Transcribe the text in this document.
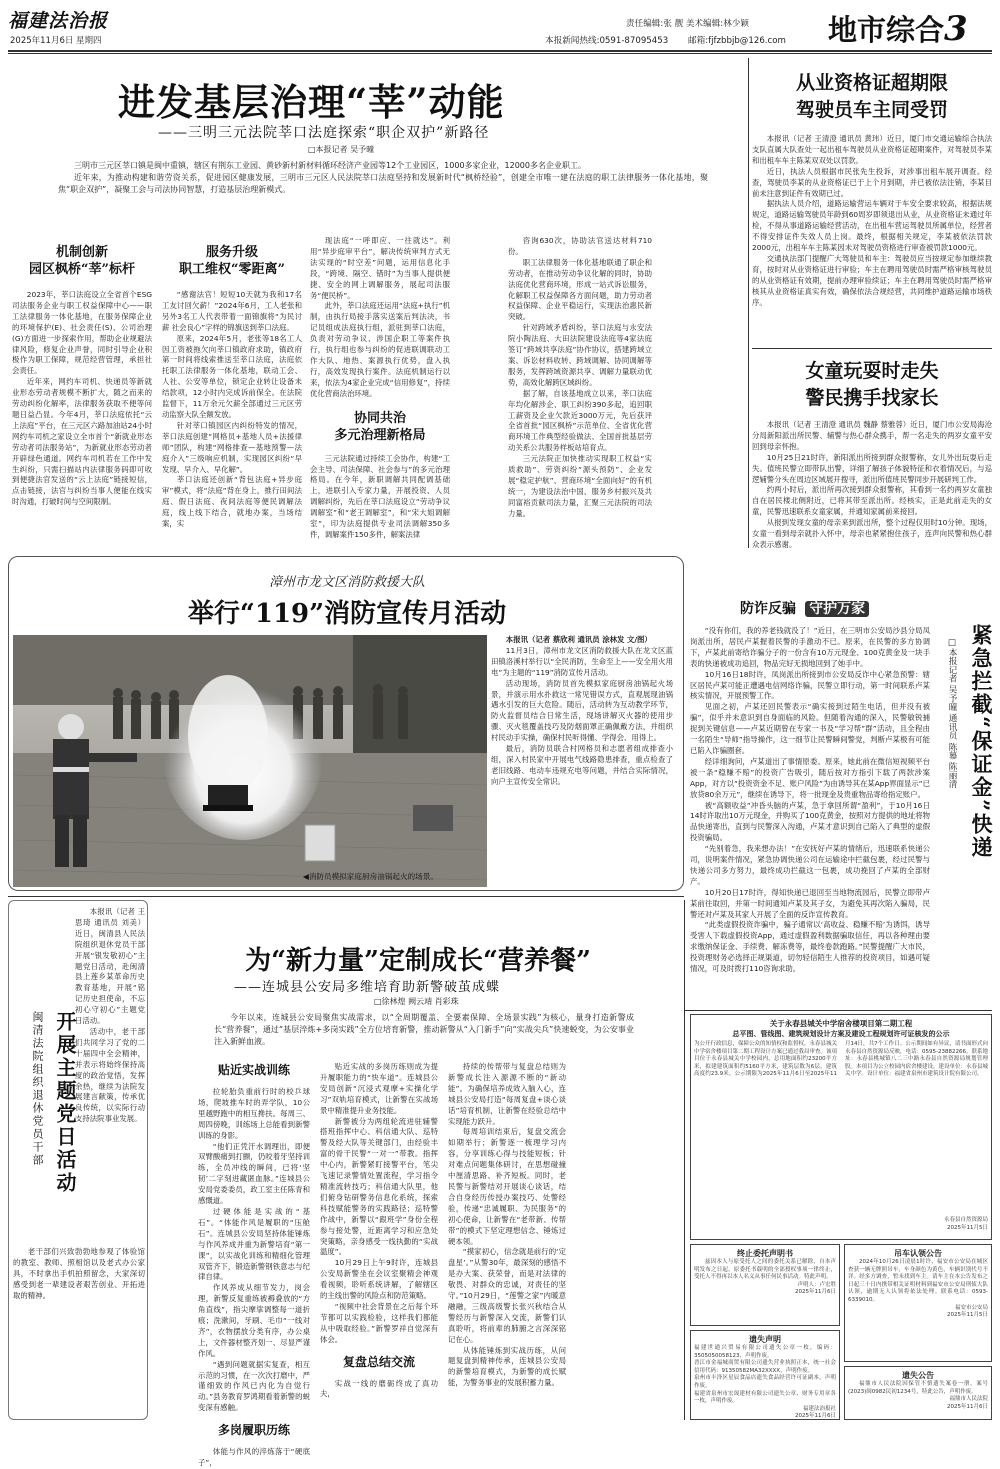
福建法治报
2025年11月6日 星期四
责任编辑:张 靓 美术编辑:林少颖
本报新闻热线:0591-87095453 邮箱:fjfzbbjb@126.com 地市综合3
进发基层治理“莘”动能
——三明三元法院莘口法庭探索“职企双护”新路径
□本报记者 吴予曈

三明市三元区莘口镇是闽中重镇，辖区有荆东工业园、黄砂新村新材料循环经济产业园等12个工业园区，1000多家企业，12000多名企业职工。

近年来，为推动构建和谐劳资关系，促进园区健康发展，三明市三元区人民法院莘口法庭坚持和发展新时代“枫桥经验”，创建全市唯一建在法庭的职工法律服务一体化基地，聚焦“职企双护”，凝聚工会与司法协同智慧，打造基层治理新模式。

机制创新
园区枫桥“莘”标杆

2023年，莘口法庭设立全省首个ESG司法服务企业与职工权益保障中心——职工法律服务一体化基地，在服务保障企业的环境保护(E)、社会责任(S)、公司治理(G)方面进一步探索作用，帮助企业规避法律风险，修复企业声誉，同时引导企业积极作为职工保障，规范经营管理，承担社会责任。

近年来，网约车司机、快递员等新就业形态劳动者规模不断扩大，随之而来的劳动纠纷化解率，法律服务获取不便等问题日益凸显。今年4月，莘口法庭依托“云上法庭”平台，在三元区六路加油站24小时网约车司机之家设立全市首个“新就业形态劳动者司法服务站”，为新就业形态劳动者开辟绿色通道。网约车司机若在工作中发生纠纷，只需扫描站内法律服务码即可收到便捷法官发送的“云上法庭”链接短信，点击链接，法官与纠纷当事人便能在线实时沟通，打破时间与空间限制。

服务升级
职工维权“零距离”

“感谢法官！短短10天就为我和17名工友讨回欠薪！”2024年6月，工人老张和另外3名工人代表带着一面锦旗将“为民讨薪 社会良心”字样的锦旗送到莘口法庭。

原来，2024年5月，老张等18名工人因工资被拖欠向莘口镇政府求助，镇政府第一时间将线索推送至莘口法庭，法庭依托职工法律服务一体化基地，联动工会、人社、公安等单位，锁定企业转让设备未结款项，12小时内完成诉前保全。在法院监督下，11万余元欠薪全部通过三元区劳动监察大队全额发放。

针对莘口镇园区内纠纷特发的情况，莘口法庭创建“网格员+基地人员+法援律师”团队，构建“网格排查—基地预警—法庭介入”三级响应机制，实现园区纠纷“早发现、早介入、早化解”。

莘口法庭还创新“背包法庭+异步庭审”模式，将“法庭”背在身上，推行田间法庭、假日法庭、夜间法庭等便民调解法庭，线上线下结合，就地办案，当场结案，实

现法庭“一呼即应、一往就达”。利用“异步庭审平台”，解决传统审判方式无法实现的“时空差”问题，运用信息化手段，“跨境、隔空、错时”为当事人提供便捷、安全的网上调解服务，展起司法服务“便民桥”。

此外，莘口法庭还运用“法庭+执行”机制，由执行局接手落实送案后判法决，书记员组成法庭执行组，派驻到莘口法庭，负责对劳动争议、涉国企职工等案件执行，执行组也参与纠纷的促进联调联动工作大队、地热、案源执行优势，盘入执行，高效发现执行案件。法庭机制运行以来，依法为4家企业完成“信用修复”，持续优化营商法治环境。

协同共治
多元治理新格局

三元法院通过持续工会协作，构建“工会主导、司法保障、社会参与”的多元治理格局。在今年，新职调解共同配调基础上，进联引入专家力量，开展投资、人员调解纠纷，先后在莘口法庭设立“劳动争议调解室”和“老王调解室”，和“宋大姐调解室”，印为法庭提供专业司法调解350多件，调解案件150多件，解案法律

咨询630次，协助法官送达材料710份。

职工法律服务一体化基地联通了职企和劳动者，在推动劳动争议化解的同时，协助法庭优化营商环境，形成一站式诉讼服务，化解职工权益保障各方面问题，助力劳动者权益保障、企业平稳运行，实现法治惠民新突破。

针对跨域矛盾纠纷，莘口法庭与永安法院小陶法庭、大田法院建设法庭等4家法庭签订“跨域共享法庭”协作协议，搭建跨域立案、诉讼材料收转、跨域调解、协同调解等服务，发挥跨域资源共享、调解力量联动优势，高效化解跨区域纠纷。

据了解，自该基地成立以来，莘口法庭年均化解涉企、职工纠纷390多起，追回职工薪资及企业欠款近3000万元，先后获评全省首批“园区枫桥”示范单位、全省优化营商环境工作典型经验做法、全国首批基层劳动关系公共服务样板站培育点。

三元法院正加快推动实现职工权益“实质救助”、劳资纠纷“源头预防”、企业发展“稳定护航”、营商环境“全面向好”的有机统一，为建设法治中国、服务乡村振兴及共同富裕贡献司法力量，汇聚三元法院的司法力量。

从业资格证超期限
驾驶员车主同受罚

本报讯（记者 王清澄 通讯员 黄玮）近日，厦门市交通运输综合执法支队直属大队查处一起出租车驾驶员从业资格证超期案件，对驾驶员李某和出租车车主陈某双双处以罚款。

近日，执法人员根据市民张先生投诉，对涉事出租车展开调查。经查，驾驶员李某的从业资格证已于上个月到期，并已被依法注销，李某目前未注意到证件有效期已过。

据执法人员介绍，道路运输营运车辆对于车安全要求较高，根据法规规定，道路运输驾驶员年龄到60周岁即须退出从业，从业资格证未通过年检，不得从事道路运输经营活动，在出租车营运驾驶员所属单位，经营者不得安排证件失效人员上岗。最终，根据相关规定，李某被依法罚款2000元，出租车车主陈某因未对驾驶员资格进行审查被罚款1000元。

交通执法部门提醒广大驾驶员和车主：驾驶员应当按规定参加继续教育，按时对从业资格证进行审验；车主在聘用驾驶员时需严格审核驾驶员的从业资格证有效期，提前办理审验续证；车主在聘用驾驶员时需严格审核其从业资格证真实有效，确保依法合规经营，共同维护道路运输市场秩序。

女童玩耍时走失
警民携手找家长

本报讯（记者 王清澄 通讯员 魏静 蔡雅蓉）近日，厦门市公安局海沧分局新阳派出所民警、辅警与热心群众携手，帮一名走失的两岁女童平安回到母亲怀抱。

10月25日21时许，新阳派出所接到群众报警称，女儿外出玩耍后走失。值班民警立即带队出警，详细了解孩子体貌特征和衣着情况后，与巡逻辅警分头在周边区域展开搜寻，派出所值班民警同步开展研判工作。

约两小时后，派出所再次接到群众报警称，其看到一名约两岁女童独自在居民楼北侧附近，已将其带至派出所。经核实，正是此前走失的女童，民警迅速联系女童家属，并通知家属前来接回。

从报到发现女童的母亲来到派出所，整个过程仅用时10分钟。现场，女童一看到母亲就扑入怀中，母亲也紧紧抱住孩子，连声向民警和热心群众表示感谢。

漳州市龙文区消防救援大队
举行“119”消防宣传月活动
◀消防员模拟家庭厨房油锅起火的场景。

本报讯（记者 蔡欣利 通讯员 涂林发 文/图）

11月3日，漳州市龙文区消防救援大队在龙文区蓝田镇洛溪村举行以“全民消防，生命至上——安全用火用电”为主题的“119”消防宣传月活动。

活动现场，消防员首先模拟家庭厨房油锅起火场景，并演示用水扑救这一常见错误方式，直观展现油锅遇水引发的巨大危险。随后，活动转为互动教学环节，防火监督员结合日常生活，现场讲解灭火器的使用步骤、灭火毯覆盖技巧及防烟面罩正确佩戴方法，并组织村民动手实操，确保村民听得懂、学得会、用得上。

最后，消防员联合村网格员和志愿者组成排查小组，深入村民家中开展电气线路隐患排查，重点检查了老旧线路、电动车违规充电等问题，并结合实际情况，向户主宣传安全常识。

防诈反骗 守护万家

“没有你们，我的养老钱就没了！”近日，在三明市公安局沙县分局凤岗派出所，居民卢某握着民警的手激动不已。原来，在民警的多方协调下，卢某此前寄给诈骗分子的一份含有10万元现金、100克黄金及一块手表的快递被成功追回，物品完好无损地回到了她手中。

10月16日18时许，凤岗派出所接到市公安局反诈中心紧急预警：辖区居民卢某可能正遭遇电信网络诈骗，民警立即行动，第一时间联系卢某核实情况，开展预警工作。

见面之初，卢某还回民警表示“确实接到过陌生电话，但并没有被骗”，似乎并未意识到自身面临的风险。但随着沟通的深入，民警敏锐捕捉到关键信息——卢某近期曾在专家一书及“学习帮”群”活动，且全程由一名陌生“导师”指导操作，这一细节让民警瞬间警觉，判断卢某极有可能已陷入诈骗圈套。

经详细询问，卢某道出了事情原委。原来，她此前在微信短视频平台被一条“稳赚不赔”的投资广告吸引，随后按对方指引下载了两款涉案App，对方以“投资资金不足、账户风险”为由诱导其在某App界面显示“已放贷80余万元”，继续在诱导下，将一批现金及贵重物品寄给指定账户。

被“高额收益”冲昏头脑的卢某，急于拿回所谓“盈利”，于10月16日14时许取出10万元现金，并购买了100克黄金，按照对方提供的地址将物品快递寄出，直到与民警深入沟通，卢某才意识到自己陷入了典型的虚假投资骗局。

“先别着急，我来想办法！”在安抚好卢某的情绪后，迅速联系快递公司，说明案件情况，紧急协调快递公司在运输途中拦截包裹，经过民警与快递公司多方努力，最终成功拦截这一包裹，成功挽回了卢某的全部财产。

10月20日17时许，得知快递已退回至当地物流园后，民警立即带卢某前往取回，并第一时间通知卢某及其子女，为避免其再次陷入骗局，民警还对卢某及其家人开展了全面的反诈宣传教育。

“此类虚假投资诈骗中，骗子通常以‘高收益、稳赚不赔’为诱饵，诱导受害人下载虚假投资App，通过虚假盈利数据骗取信任，再以各种理由要求缴纳保证金、手续费、解冻费等，最终卷款跑路。”民警提醒广大市民，投资理财务必选择正规渠道，切勿轻信陌生人推荐的投资项目，如遇可疑情况，可及时拨打110咨询求助。

紧急拦截“保证金”快递
□本报记者 吴予曈 通讯员 陈幕 陈丽清
开展主题党日活动
闽清法院组织退休党员干部

本报讯（记者 王思琦 通讯员 刘美）近日，闽清县人民法院组织退休党员干部开展“银发敬初心”主题党日活动，赴闽清县上莲乡某革命历史教育基地，开展“铭记历史担使命，不忘初心守初心”主题党日活动。

活动中，老干部们共同学习了党的二十届四中全会精神，并表示将始终保持高度的政治觉悟，发挥余热，继续为法院发展建言献策，传承优良传统，以实际行动支持法院事业发展。

老干部们兴致勃勃地参观了体验馆的教室、教师、照相馆以及老式办公家具，不时拿出手机拍照留念，大家深切感受到老一辈建设者艰苦创业、开拓进取的精神。

为“新力量”定制成长“营养餐”
——连城县公安局多维培育助新警破茧成蝶
□徐林煌 阙云靖 肖彩珠

今年以来，连城县公安局聚焦实战需求，以“全周期覆盖、全要素保障、全场景实践”为核心，量身打造新警成长“营养餐”，通过“基层淬炼+多岗实践”全方位培育新警，推动新警从“入门新手”向“实战尖兵”快速蜕变，为公安事业注入新鲜血液。

贴近实战训练

拉轮胎负重前行时的校乒球场，爬坡推车时的弄学队，10公里越野跑中的相互搀扶。每周三、周四傍晚，训练场上总能看到新警训练的身影。

“他们正凭汗水调理出，即便双臂酸痛到打颤，仍咬着牙坚持训练，全员冲线的瞬间，已将‘坚韧’二字刻进藏匿血脉。”连城县公安局党委委员，政工室主任陈青和感慨道。

过硬体能是实战的“基石”。“体能作风是履职的“压舱石”。连城县公安局坚持体能锤炼与作风养成并重为新警培育“第一课”，以实战化训练和精细化管理双管齐下，锻造新警钢铁意志与纪律自律。

作风养成从细节发力，岗会理，新警反复重练被褥叠放的“方角直线”，指尖摩挲调整每一道折痕；洗漱间，牙刷、毛巾“一线对齐”，衣物摆放分类有序，办公桌上，文件器材整齐划一、尽显严谨作风。

“遇到问题就据实复查，相互示范的习惯，在一次次打磨中，严谨细致的作风已内化为自觉行动。”县务教育罗鸿期看着新警的蜕变深有感触。

多岗履职历练

体能与作风的淬炼落于“硬底子”，

贴近实战的多岗历练则成为提升履职能力的“快车道”。连城县公安局创新“沉浸式观摩+实操化学习”双轨培育模式，让新警在实战场景中精准提升业务技能。

新警被分为两组轮流进驻辅警搭班指挥中心、科信通大队、巡特警及经大队等关键部门，由经验丰富的骨干民警“一对一”带教。指挥中心内，新警紧盯接警平台，笔尖飞速记录警情处置流程，学习指令精准流转技巧；科信通大队里，他们俯身钻研警务信息化系统，探索科技赋能警务的实践路径；巡特警作战中，新警以“跟班学”身份全程参与接处警，近距离学习和应急处突策略，亲身感受一线执勤的“实战温度”。

10月29日上午9时许，连城县公安局新警坐在会议室聚精会神观看视频，聆听系统讲解，了解辖区的主线出警的风险点和防范策略。

“视频中社会背景在之后每个环节都可以实践检验，这样我们都能从中吸取经验。”新警罗祥自觉深有体会。

复盘总结交流

实战一线的磨砺终成了真功夫，

持续的传帮带与复盘总结则为新警成长注入源源不断的“新动能”。为确保培养成效入脑入心，连城县公安局打造“每周复盘+谈心谈话”培育机制，让新警在经验总结中实现能力跃升。

每周培训结束后，复盘交流会如期举行；新警逐一梳理学习内容，分享训练心得与技能短板；针对难点问题集体研讨，在思想碰撞中厘清思路、补齐短板。同时，老民警与新警结对开展谈心谈话，结合自身经历传授办案技巧、处警经验，传递“忠诚履职、为民服务”的初心使命，让新警在“老带新、传帮带”的模式下坚定理想信念、锤炼过硬本领。

“摸家初心，信念就是前行的‘定盘星’。”从警30年，最深刻的感悟不是办大案、获荣誉，而是对法律的敬畏、对群众的忠诚，对责任的坚守。”10月29日，“莲警之家”内暖意融融，三级高级警长张兴秋结合从警经历与新警深入交流，新警们认真聆听，将前辈的肺腑之言深深铭记在心。

从体能锤炼到实战历练，从问题复盘到精神传承，连城县公安局的新警培育模式，为新警的成长赋能，为警务事业的发展积蓄力量。

关于永春县城关中学宿舍楼项目第二期工程
总平图、管线图、建筑规划设计方案及建设工程规划许可证核发的公示
为公开行政信息，保障公众的知情权和监督权，永春县城关中学宿舍楼项目第二期工程设计方案已通过我局审查。该项目位于永春县城关中学校园内，总用地面积约23200平方米，拟建建筑面积约5160平方米，建筑层数为6层，建筑高度约23.9米。公示期限为2025年11月6日至2025年11月14日，共7个工作日。公示期间如有异议，请书面形式向永春县自然资源局反映，电话：0595-23882266。联系地址：永春县桃城镇八二三中路永春县自然资源局规划管理股。本项目为公立校园内宿舍楼建设，建设单位：永春县城关中学。设计单位：福建省泉州市建筑设计院有限公司。
永春县自然资源局
2025年11月5日
终止委托声明书
兹因本人与原受托人之间的委托关系已解除，自本声明发布之日起，原委托书载明的全部授权事项一律终止，受托人不得再以本人名义从事任何民事活动。特此声明。
声明人：卢宏胜
2025年11月6日
遗失声明
福建世通兴贸易有限公司遗失公章一枚，编码：3505050058123，声明作废。
晋江市金福城商贸有限公司遗失营业执照正本，统一社会信用代码：91350582MA32XXXX，声明作废。
泉州市丰泽区星辰食品店遗失食品经营许可证副本，声明作废。
福建省泉州市宏晟建材有限公司遗失公章、财务专用章各一枚，声明作废。
福建法治报社
2025年11月6日
吊车认领公告
2024年10月26日凌晨1时许，福安市公安局在城区查获一辆无牌照吊车，车身颜色为黄色，车辆识别代号不详。经多方调查，暂未找到车主。请车主在本公告发布之日起三十日内携带相关证明材料到福安市公安局刑侦大队认领，逾期无人认领将依法处理。联系电话：0593-6339010。
福安市公安局
2025年11月5日
遗失公告
福鼎市人民法院因保管不慎遗失案卷一册，案号(2023)闽0982民初1234号，特此公告，声明作废。
福鼎市人民法院
2025年11月6日
